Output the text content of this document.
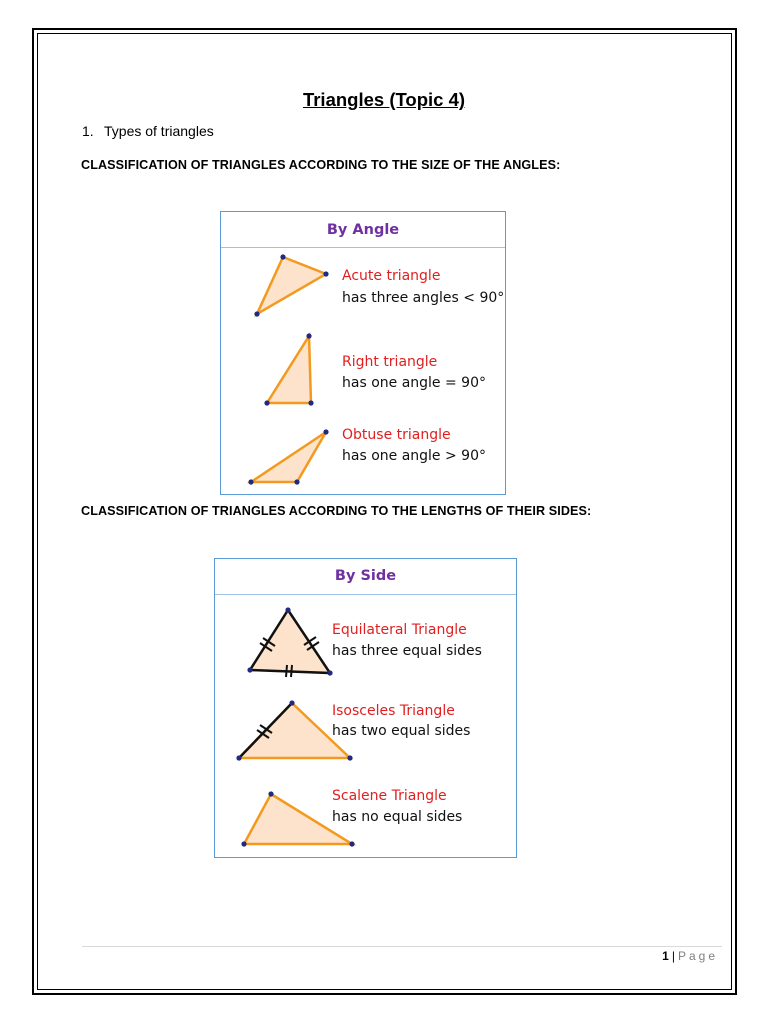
Triangles (Topic 4)
1. Types of triangles
CLASSIFICATION OF TRIANGLES ACCORDING TO THE SIZE OF THE ANGLES:
By Angle
Acute triangle
has three angles < 90°
Right triangle
has one angle = 90°
Obtuse triangle
has one angle > 90°
CLASSIFICATION OF TRIANGLES ACCORDING TO THE LENGTHS OF THEIR SIDES:
By Side
Equilateral Triangle
has three equal sides
Isosceles Triangle
has two equal sides
Scalene Triangle
has no equal sides
1 | Page
